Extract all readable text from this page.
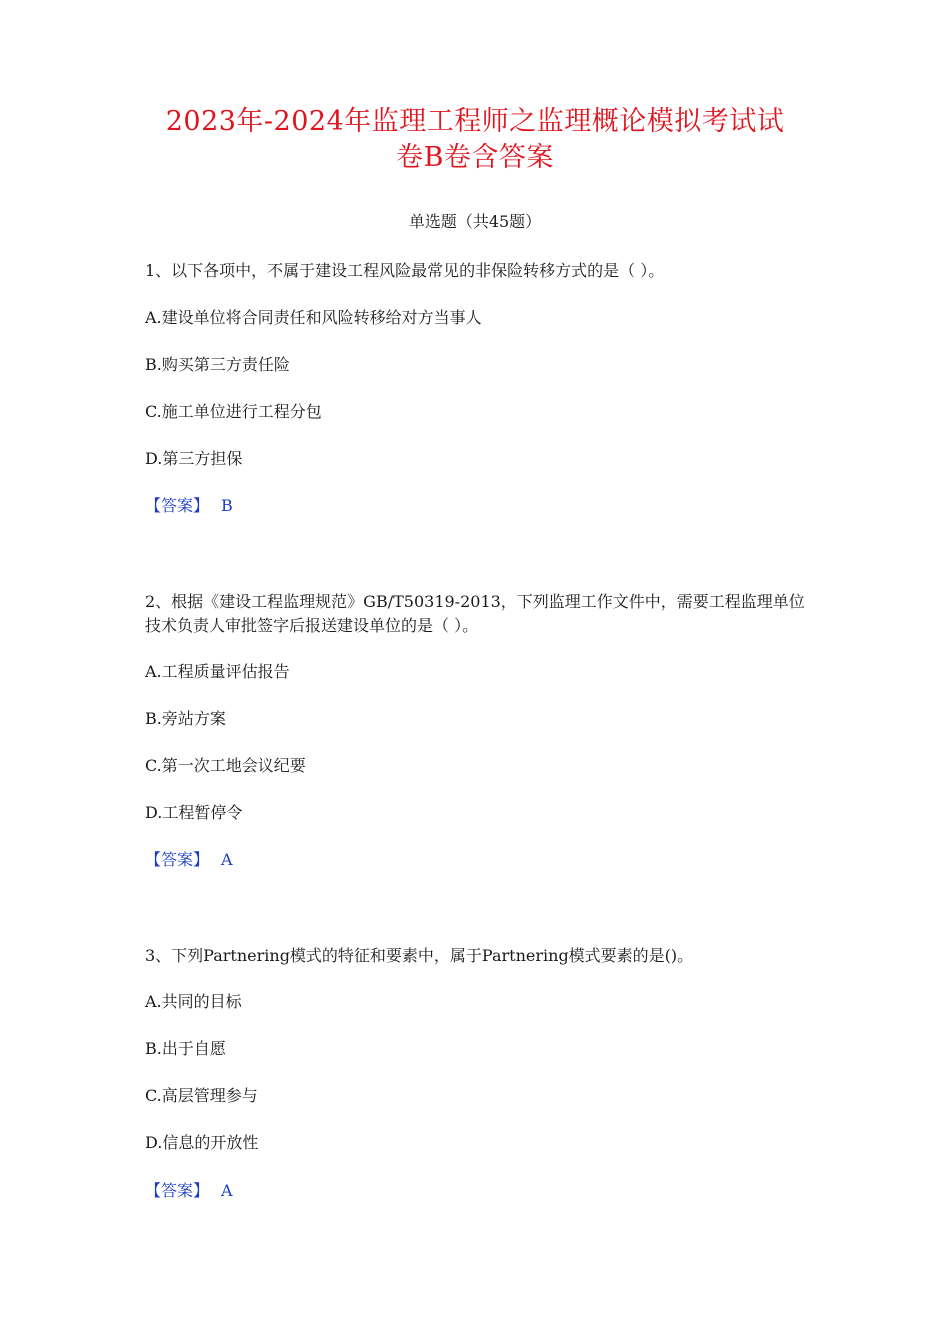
2023年-2024年监理工程师之监理概论模拟考试试
卷B卷含答案
单选题（共45题）
1、以下各项中，不属于建设工程风险最常见的非保险转移方式的是（ ）。
A.建设单位将合同责任和风险转移给对方当事人
B.购买第三方责任险
C.施工单位进行工程分包
D.第三方担保
【答案】 B
2、根据《建设工程监理规范》GB/T50319-2013，下列监理工作文件中，需要工程监理单位技术负责人审批签字后报送建设单位的是（ ）。
A.工程质量评估报告
B.旁站方案
C.第一次工地会议纪要
D.工程暂停令
【答案】 A
3、下列Partnering模式的特征和要素中，属于Partnering模式要素的是()。
A.共同的目标
B.出于自愿
C.高层管理参与
D.信息的开放性
【答案】 A
